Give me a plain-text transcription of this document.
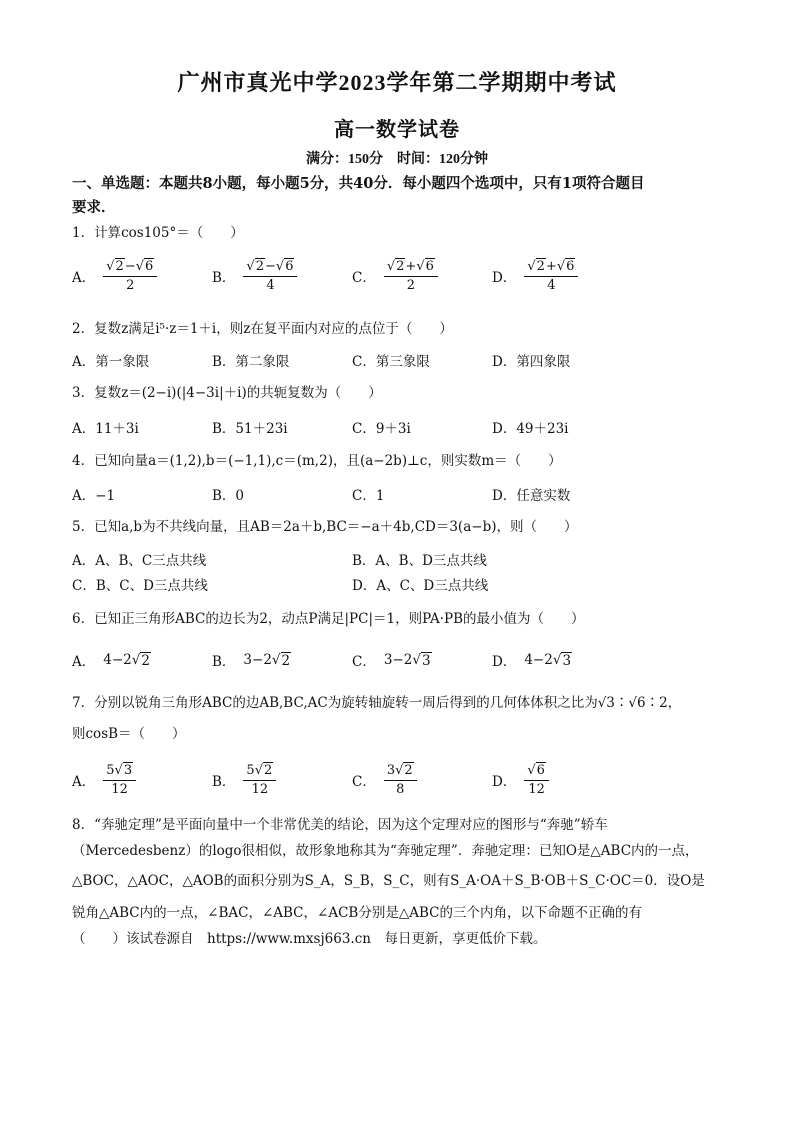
广州市真光中学2023学年第二学期期中考试
高一数学试卷
满分：150分　时间：120分钟
一、单选题：本题共8小题，每小题5分，共40分．每小题四个选项中，只有1项符合题目
要求．
1．计算cos105°＝（　　）
A． $\frac{√2-√6}{2}$	B． $\frac{√2-√6}{4}$	C． $\frac{√2+√6}{2}$	D． $\frac{√2+√6}{4}$
2．复数z满足i⁵·z＝1＋i，则z在复平面内对应的点位于（　　）
A．第一象限	B．第二象限	C．第三象限	D．第四象限
3．复数z＝(2−i)(|4−3i|＋i)的共轭复数为（　　）
A．11＋3i	B．51＋23i	C．9＋3i	D．49＋23i
4．已知向量a＝(1,2),b＝(−1,1),c＝(m,2)，且(a−2b)⊥c，则实数m＝（　　）
A．−1	B．0	C．1	D．任意实数
5．已知a,b为不共线向量，且AB＝2a＋b,BC＝−a＋4b,CD＝3(a−b)，则（　　）
A．A、B、C三点共线	B．A、B、D三点共线
C．B、C、D三点共线	D．A、C、D三点共线
6．已知正三角形ABC的边长为2，动点P满足|PC|＝1，则PA·PB的最小值为（　　）
A． 4−2 √ 2	B． 3−2 √ 2	C． 3−2 √ 3	D． 4−2 √ 3
7．分别以锐角三角形ABC的边AB,BC,AC为旋转轴旋转一周后得到的几何体体积之比为√3∶√6∶2，
则cosB＝（　　）
A． $\frac{5√3}{12}$	B． $\frac{5√2}{12}$	C． $\frac{3√2}{8}$	D． $\frac{√6}{12}$
8．“奔驰定理”是平面向量中一个非常优美的结论，因为这个定理对应的图形与“奔驰”轿车
（Mercedesbenz）的logo很相似，故形象地称其为“奔驰定理”．奔驰定理：已知O是△ABC内的一点，
△BOC，△AOC，△AOB的面积分别为S_A，S_B，S_C，则有S_A·OA＋S_B·OB＋S_C·OC＝0．设O是
锐角△ABC内的一点，∠BAC，∠ABC，∠ACB分别是△ABC的三个内角，以下命题不正确的有
（　　）该试卷源自　https://www.mxsj663.cn　每日更新，享更低价下载。
